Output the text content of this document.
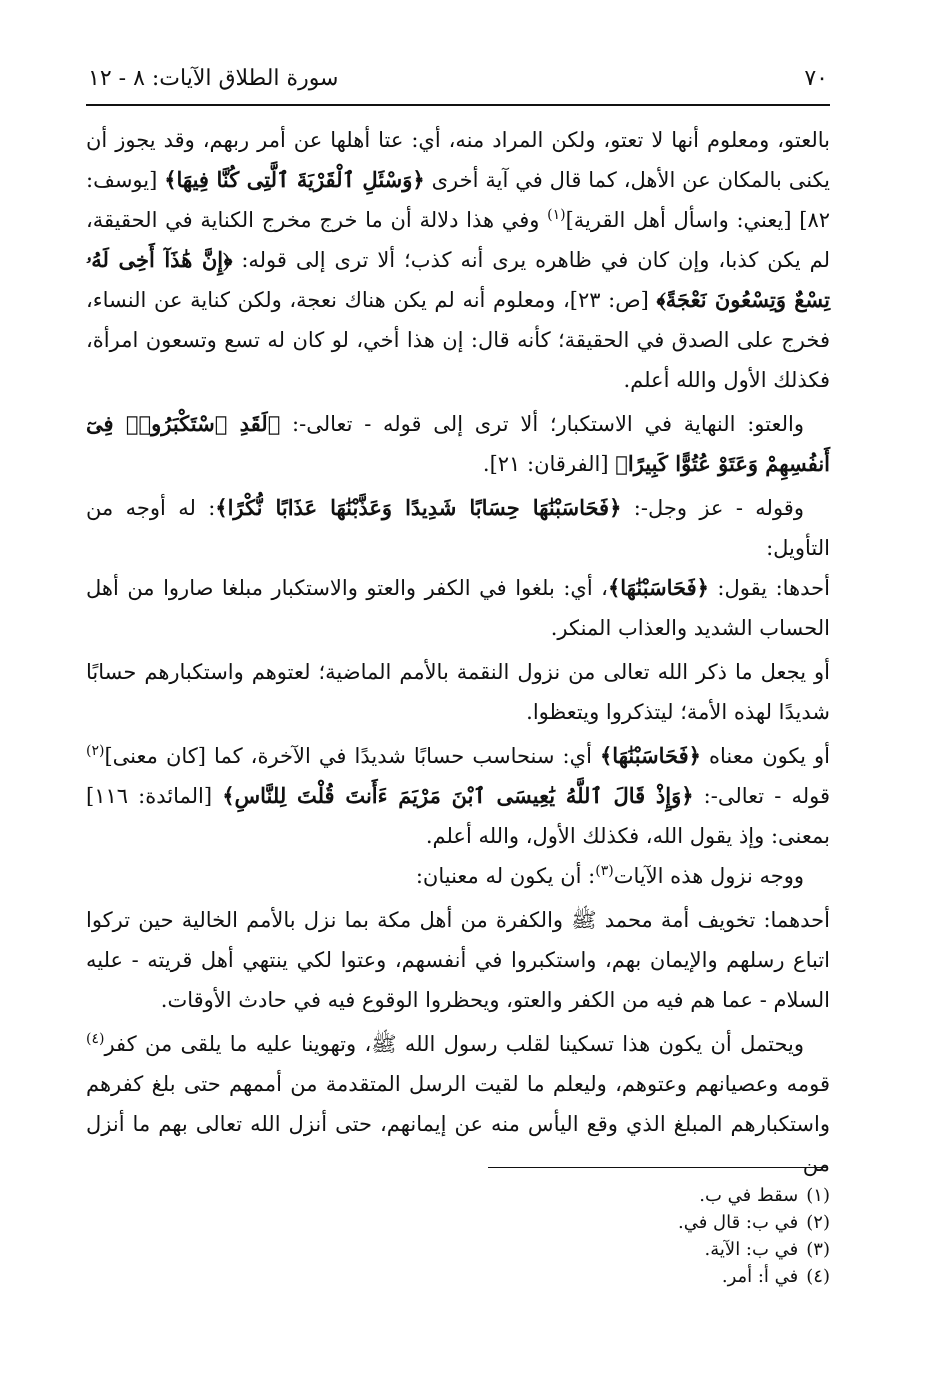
٧٠
سورة الطلاق الآيات: ٨ - ١٢

بالعتو، ومعلوم أنها لا تعتو، ولكن المراد منه، أي: عتا أهلها عن أمر ربهم، وقد يجوز أن يكنى بالمكان عن الأهل، كما قال في آية أخرى ﴿وَسْئَلِ ٱلْقَرْيَةَ ٱلَّتِى كُنَّا فِيهَا﴾ [يوسف: ٨٢] [يعني: واسأل أهل القرية]$^{(١)}$ وفي هذا دلالة أن ما خرج مخرج الكناية في الحقيقة، لم يكن كذبا، وإن كان في ظاهره يرى أنه كذب؛ ألا ترى إلى قوله: ﴿إِنَّ هَٰذَآ أَخِى لَهُۥ تِسْعٌ وَتِسْعُونَ نَعْجَةً﴾ [ص: ٢٣]، ومعلوم أنه لم يكن هناك نعجة، ولكن كناية عن النساء، فخرج على الصدق في الحقيقة؛ كأنه قال: إن هذا أخي، لو كان له تسع وتسعون امرأة، فكذلك الأول والله أعلم.

والعتو: النهاية في الاستكبار؛ ألا ترى إلى قوله - تعالى-: ﴿لَقَدِ ٱسْتَكْبَرُوا۟ فِىٓ أَنفُسِهِمْ وَعَتَوْ عُتُوًّا كَبِيرًا﴾ [الفرقان: ٢١].

وقوله - عز وجل-: ﴿فَحَاسَبْنَٰهَا حِسَابًا شَدِيدًا وَعَذَّبْنَٰهَا عَذَابًا نُّكْرًا﴾: له أوجه من التأويل:

أحدها: يقول: ﴿فَحَاسَبْنَٰهَا﴾، أي: بلغوا في الكفر والعتو والاستكبار مبلغا صاروا من أهل الحساب الشديد والعذاب المنكر.

أو يجعل ما ذكر الله تعالى من نزول النقمة بالأمم الماضية؛ لعتوهم واستكبارهم حسابًا شديدًا لهذه الأمة؛ ليتذكروا ويتعظوا.

أو يكون معناه ﴿فَحَاسَبْنَٰهَا﴾ أي: سنحاسب حسابًا شديدًا في الآخرة، كما [كان معنى]$^{(٢)}$ قوله - تعالى-: ﴿وَإِذْ قَالَ ٱللَّهُ يَٰعِيسَى ٱبْنَ مَرْيَمَ ءَأَنتَ قُلْتَ لِلنَّاسِ﴾ [المائدة: ١١٦] بمعنى: وإذ يقول الله، فكذلك الأول، والله أعلم.

ووجه نزول هذه الآيات$^{(٣)}$: أن يكون له معنيان:

أحدهما: تخويف أمة محمد ﷺ والكفرة من أهل مكة بما نزل بالأمم الخالية حين تركوا اتباع رسلهم والإيمان بهم، واستكبروا في أنفسهم، وعتوا لكي ينتهي أهل قريته - عليه السلام - عما هم فيه من الكفر والعتو، ويحظروا الوقوع فيه في حادث الأوقات.

ويحتمل أن يكون هذا تسكينا لقلب رسول الله ﷺ، وتهوينا عليه ما يلقى من كفر$^{(٤)}$ قومه وعصيانهم وعتوهم، وليعلم ما لقيت الرسل المتقدمة من أممهم حتى بلغ كفرهم واستكبارهم المبلغ الذي وقع اليأس منه عن إيمانهم، حتى أنزل الله تعالى بهم ما أنزل من

(١)سقط في ب.

(٢)في ب: قال في.

(٣)في ب: الآية.

(٤)في أ: أمر.
